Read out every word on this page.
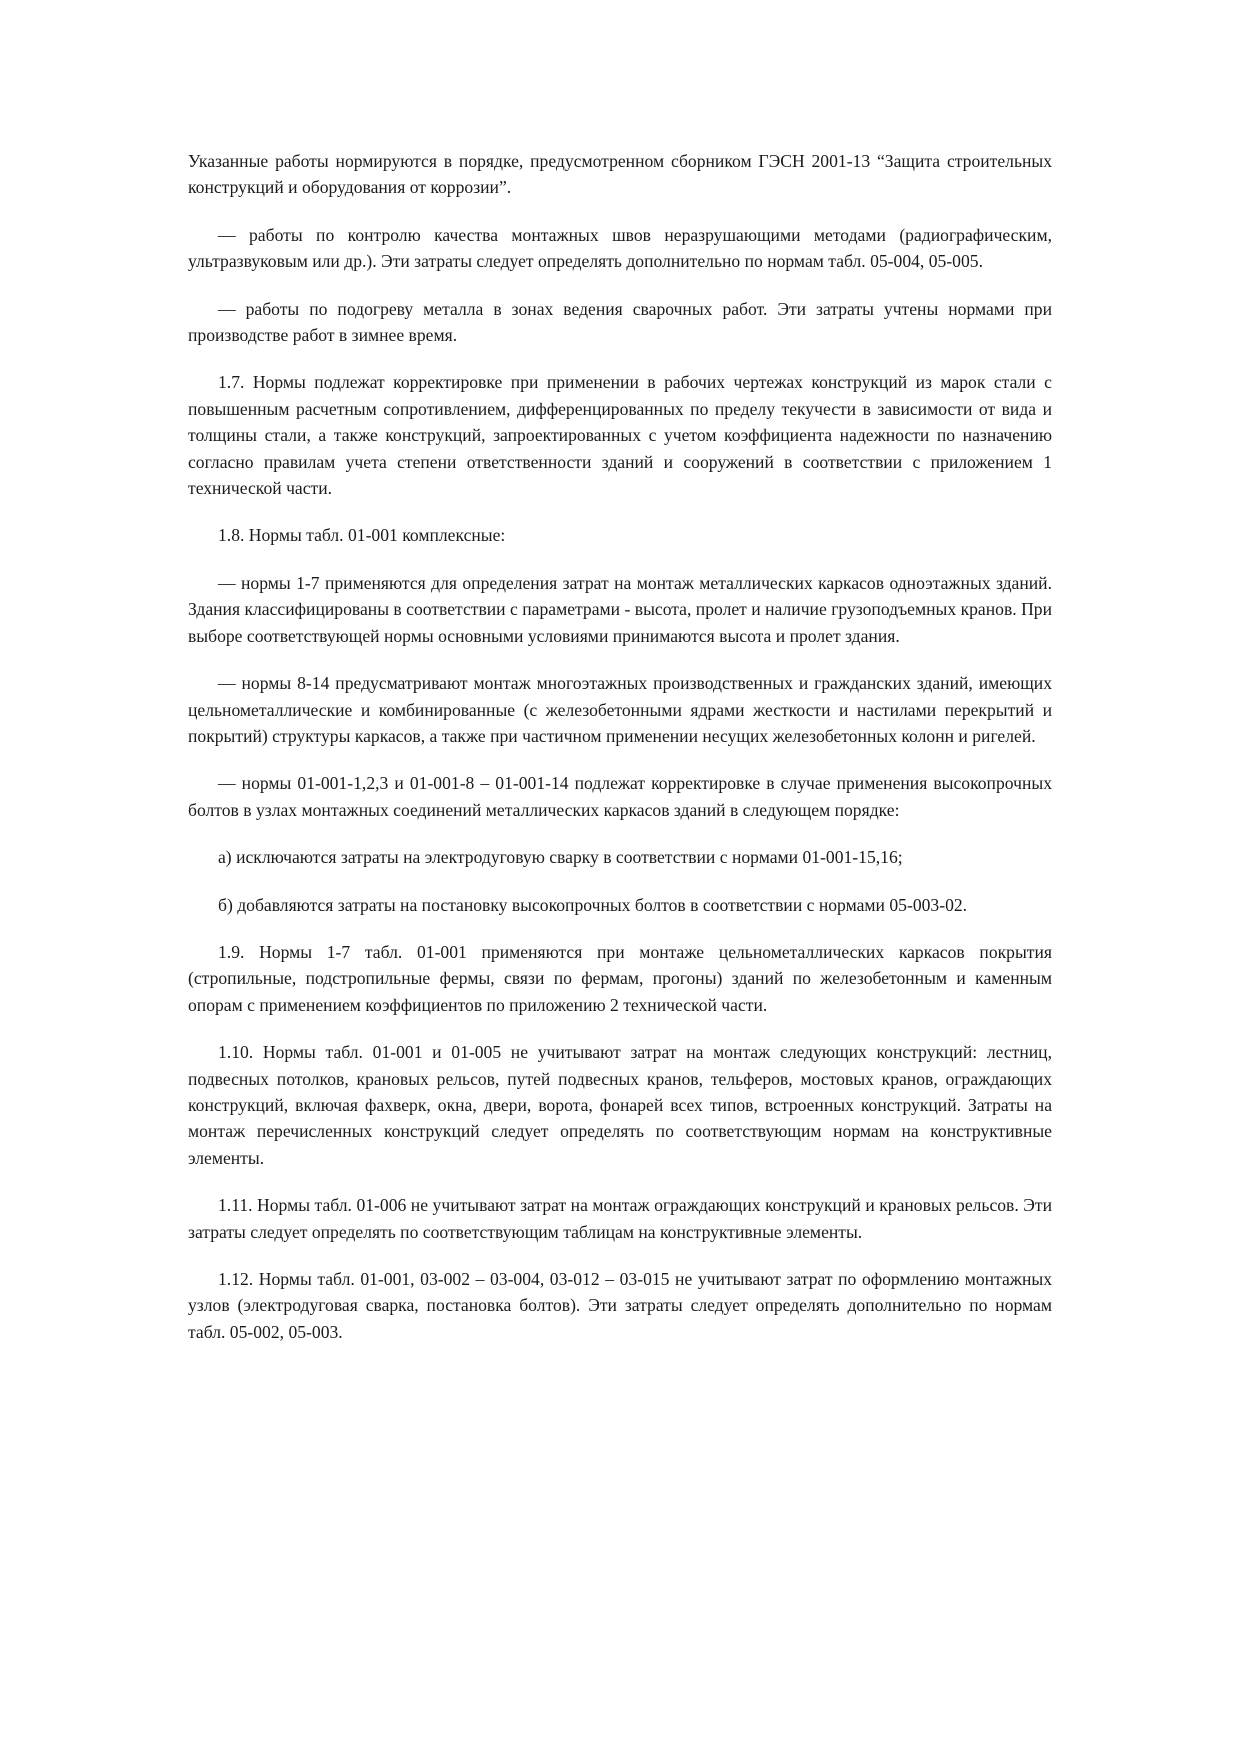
Указанные работы нормируются в порядке, предусмотренном сборником ГЭСН 2001-13 “Защита строительных конструкций и оборудования от коррозии”.

— работы по контролю качества монтажных швов неразрушающими методами (радиографическим, ультразвуковым или др.). Эти затраты следует определять дополнительно по нормам табл. 05-004, 05-005.

— работы по подогреву металла в зонах ведения сварочных работ. Эти затраты учтены нормами при производстве работ в зимнее время.

1.7. Нормы подлежат корректировке при применении в рабочих чертежах конструкций из марок стали с повышенным расчетным сопротивлением, дифференцированных по пределу текучести в зависимости от вида и толщины стали, а также конструкций, запроектированных с учетом коэффициента надежности по назначению согласно правилам учета степени ответственности зданий и сооружений в соответствии с приложением 1 технической части.

1.8. Нормы табл. 01-001 комплексные:

— нормы 1-7 применяются для определения затрат на монтаж металлических каркасов одноэтажных зданий. Здания классифицированы в соответствии с параметрами - высота, пролет и наличие грузоподъемных кранов. При выборе соответствующей нормы основными условиями принимаются высота и пролет здания.

— нормы 8-14 предусматривают монтаж многоэтажных производственных и гражданских зданий, имеющих цельнометаллические и комбинированные (с железобетонными ядрами жесткости и настилами перекрытий и покрытий) структуры каркасов, а также при частичном применении несущих железобетонных колонн и ригелей.

— нормы 01-001-1,2,3 и 01-001-8 – 01-001-14 подлежат корректировке в случае применения высокопрочных болтов в узлах монтажных соединений металлических каркасов зданий в следующем порядке:

а) исключаются затраты на электродуговую сварку в соответствии с нормами 01-001-15,16;

б) добавляются затраты на постановку высокопрочных болтов в соответствии с нормами 05-003-02.

1.9. Нормы 1-7 табл. 01-001 применяются при монтаже цельнометаллических каркасов покрытия (стропильные, подстропильные фермы, связи по фермам, прогоны) зданий по железобетонным и каменным опорам с применением коэффициентов по приложению 2 технической части.

1.10. Нормы табл. 01-001 и 01-005 не учитывают затрат на монтаж следующих конструкций: лестниц, подвесных потолков, крановых рельсов, путей подвесных кранов, тельферов, мостовых кранов, ограждающих конструкций, включая фахверк, окна, двери, ворота, фонарей всех типов, встроенных конструкций. Затраты на монтаж перечисленных конструкций следует определять по соответствующим нормам на конструктивные элементы.

1.11. Нормы табл. 01-006 не учитывают затрат на монтаж ограждающих конструкций и крановых рельсов. Эти затраты следует определять по соответствующим таблицам на конструктивные элементы.

1.12. Нормы табл. 01-001, 03-002 – 03-004, 03-012 – 03-015 не учитывают затрат по оформлению монтажных узлов (электродуговая сварка, постановка болтов). Эти затраты следует определять дополнительно по нормам табл. 05-002, 05-003.
